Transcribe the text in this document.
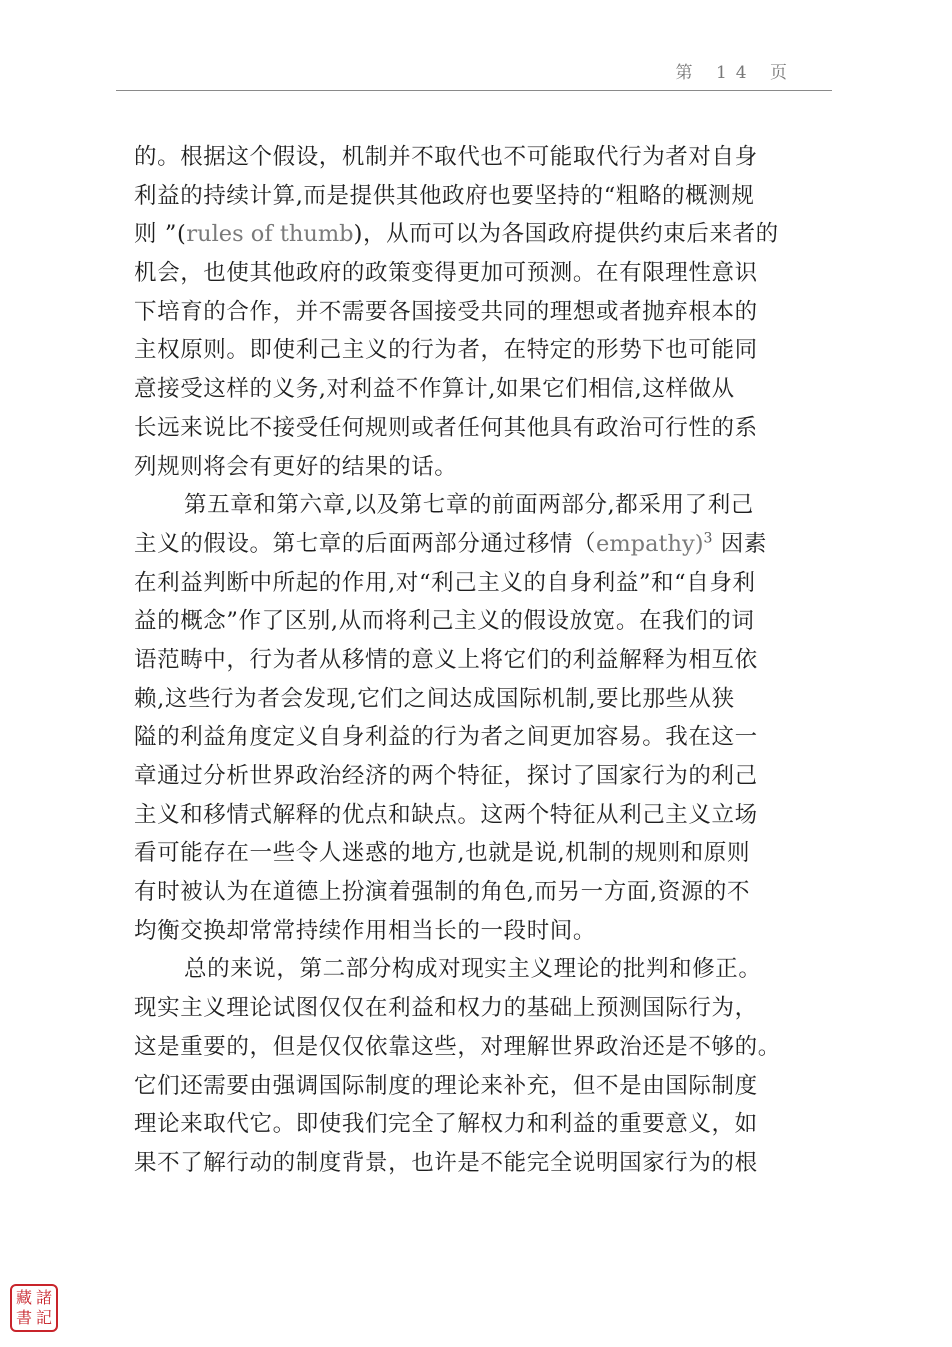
第 14 页
的。根据这个假设，机制并不取代也不可能取代行为者对自身
利益的持续计算,而是提供其他政府也要坚持的“粗略的概测规
则 ”(rules of thumb)，从而可以为各国政府提供约束后来者的
机会，也使其他政府的政策变得更加可预测。在有限理性意识
下培育的合作，并不需要各国接受共同的理想或者抛弃根本的
主权原则。即使利己主义的行为者，在特定的形势下也可能同
意接受这样的义务,对利益不作算计,如果它们相信,这样做从
长远来说比不接受任何规则或者任何其他具有政治可行性的系
列规则将会有更好的结果的话。
第五章和第六章,以及第七章的前面两部分,都采用了利己
主义的假设。第七章的后面两部分通过移情（empathy)$^3$ 因素
在利益判断中所起的作用,对“利己主义的自身利益”和“自身利
益的概念”作了区别,从而将利己主义的假设放宽。在我们的词
语范畴中，行为者从移情的意义上将它们的利益解释为相互依
赖,这些行为者会发现,它们之间达成国际机制,要比那些从狭
隘的利益角度定义自身利益的行为者之间更加容易。我在这一
章通过分析世界政治经济的两个特征，探讨了国家行为的利己
主义和移情式解释的优点和缺点。这两个特征从利己主义立场
看可能存在一些令人迷惑的地方,也就是说,机制的规则和原则
有时被认为在道德上扮演着强制的角色,而另一方面,资源的不
均衡交换却常常持续作用相当长的一段时间。
总的来说，第二部分构成对现实主义理论的批判和修正。
现实主义理论试图仅仅在利益和权力的基础上预测国际行为，
这是重要的，但是仅仅依靠这些，对理解世界政治还是不够的。
它们还需要由强调国际制度的理论来补充，但不是由国际制度
理论来取代它。即使我们完全了解权力和利益的重要意义，如
果不了解行动的制度背景，也许是不能完全说明国家行为的根
藏 諸
書 記
